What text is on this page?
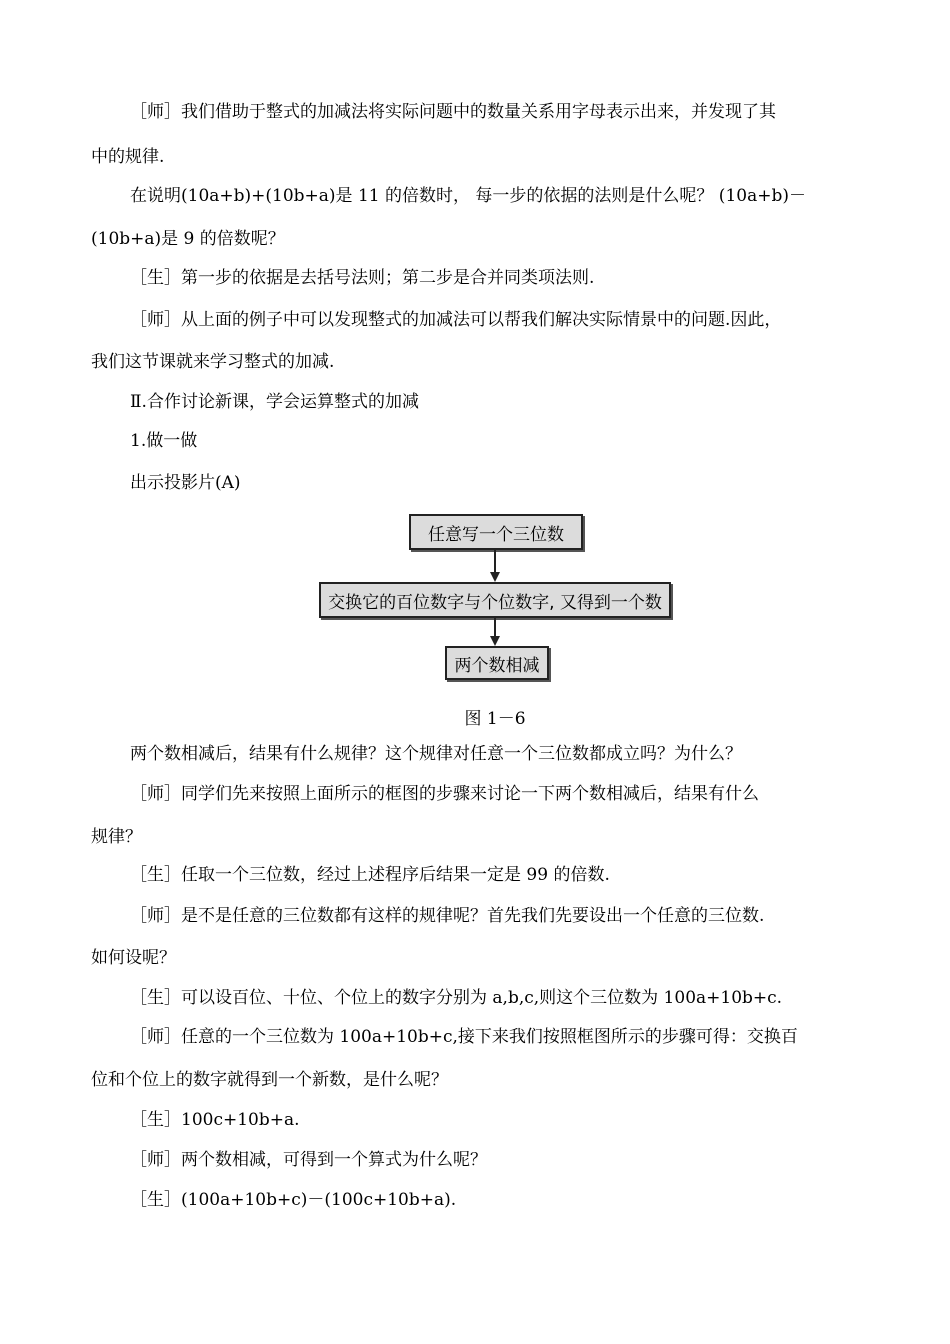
［师］我们借助于整式的加减法将实际问题中的数量关系用字母表示出来，并发现了其
中的规律.
在说明(10a+b)+(10b+a)是 11 的倍数时， 每一步的依据的法则是什么呢？ (10a+b)－
(10b+a)是 9 的倍数呢？
［生］第一步的依据是去括号法则；第二步是合并同类项法则.
［师］从上面的例子中可以发现整式的加减法可以帮我们解决实际情景中的问题.因此，
我们这节课就来学习整式的加减.
Ⅱ.合作讨论新课，学会运算整式的加减
1.做一做
出示投影片(A)
任意写一个三位数
交换它的百位数字与个位数字, 又得到一个数
两个数相减
图 1－6
两个数相减后，结果有什么规律？这个规律对任意一个三位数都成立吗？为什么？
［师］同学们先来按照上面所示的框图的步骤来讨论一下两个数相减后，结果有什么
规律？
［生］任取一个三位数，经过上述程序后结果一定是 99 的倍数.
［师］是不是任意的三位数都有这样的规律呢？首先我们先要设出一个任意的三位数.
如何设呢？
［生］可以设百位、十位、个位上的数字分别为 a,b,c,则这个三位数为 100a+10b+c.
［师］任意的一个三位数为 100a+10b+c,接下来我们按照框图所示的步骤可得：交换百
位和个位上的数字就得到一个新数，是什么呢？
［生］100c+10b+a.
［师］两个数相减，可得到一个算式为什么呢？
［生］(100a+10b+c)－(100c+10b+a).
